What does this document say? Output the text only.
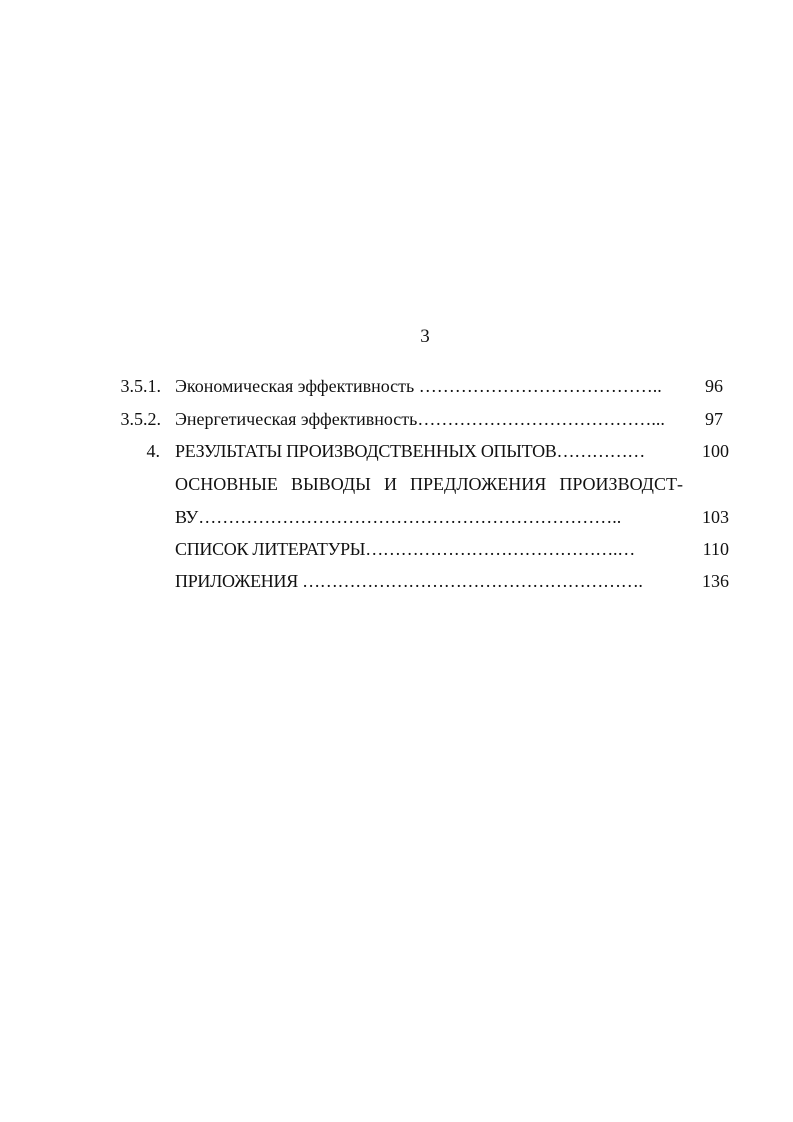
3
3.5.1. Экономическая эффективность ………………………………….. 96
3.5.2. Энергетическая эффективность…………………………………... 97
4. РЕЗУЛЬТАТЫ ПРОИЗВОДСТВЕННЫХ ОПЫТОВ……………	100
ОСНОВНЫЕ ВЫВОДЫ И ПРЕДЛОЖЕНИЯ ПРОИЗВОДСТ-
ВУ……………………………………………………………..	103
СПИСОК ЛИТЕРАТУРЫ…………………………………….…	110
ПРИЛОЖЕНИЯ ………………………………………………….	136
